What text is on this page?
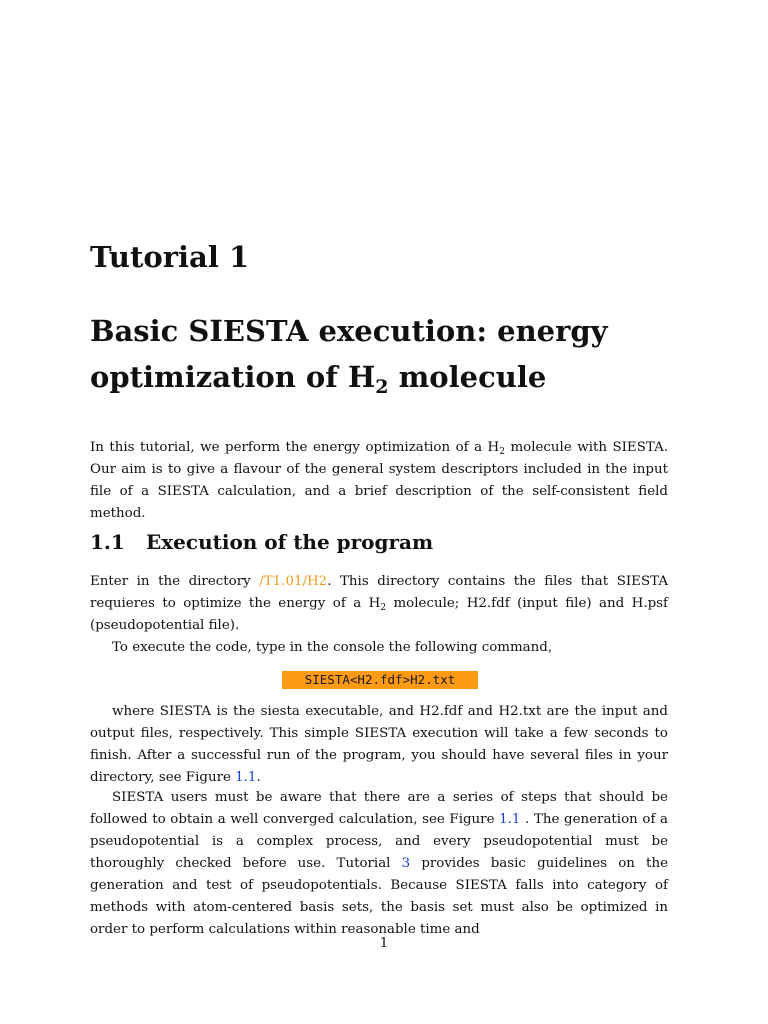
Tutorial 1
Basic SIESTA execution: energy
optimization of $H_2$ molecule

In this tutorial, we perform the energy optimization of a $H_2$ molecule with SIESTA. Our aim is to give a flavour of the general system descriptors included in the input file of a SIESTA calculation, and a brief description of the self-consistent field method.

1.1 Execution of the program

Enter in the directory /T1.01/H2. This directory contains the files that SIESTA requieres to optimize the energy of a $H_2$ molecule; H2.fdf (input file) and H.psf (pseudopotential file).

To execute the code, type in the console the following command,

SIESTA<H2.fdf>H2.txt

where SIESTA is the siesta executable, and H2.fdf and H2.txt are the input and output files, respectively. This simple SIESTA execution will take a few seconds to finish. After a successful run of the program, you should have several files in your directory, see Figure 1.1.

SIESTA users must be aware that there are a series of steps that should be followed to obtain a well converged calculation, see Figure 1.1 . The generation of a pseudopotential is a complex process, and every pseudopotential must be thoroughly checked before use. Tutorial 3 provides basic guidelines on the generation and test of pseudopotentials. Because SIESTA falls into category of methods with atom-centered basis sets, the basis set must also be optimized in order to perform calculations within reasonable time and

1
